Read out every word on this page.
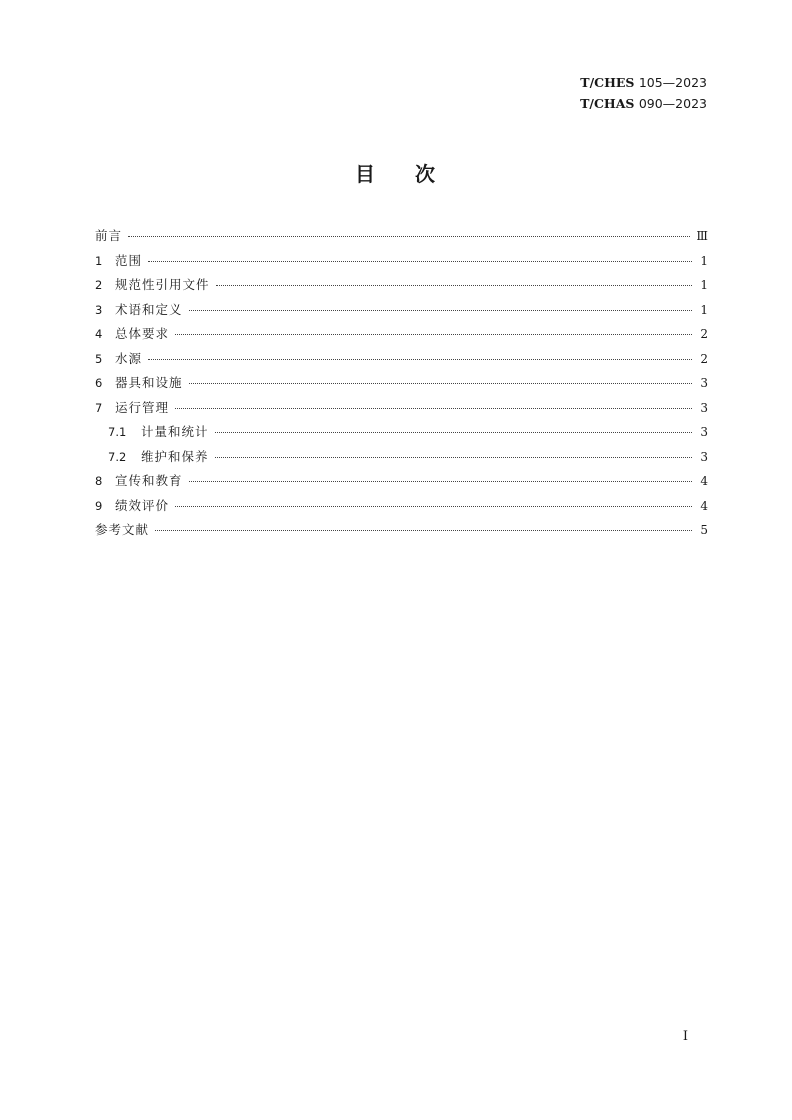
T/CHES 105—2023
T/CHAS 090—2023
目 次
前言	Ⅲ
1	范围	1
2	规范性引用文件	1
3	术语和定义	1
4	总体要求	2
5	水源	2
6	器具和设施	3
7	运行管理	3
7.1	计量和统计	3
7.2	维护和保养	3
8	宣传和教育	4
9	绩效评价	4
参考文献	5
I
